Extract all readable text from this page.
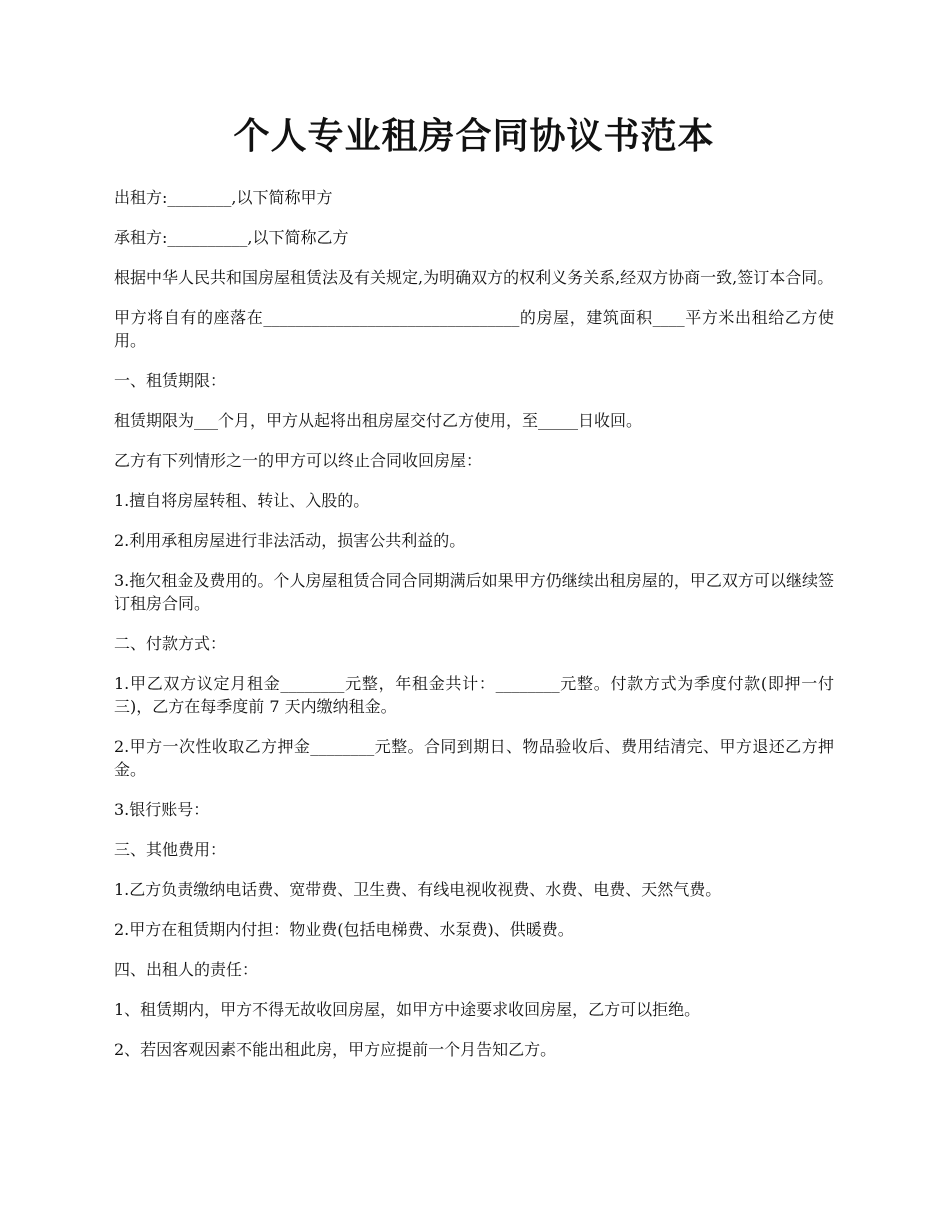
个人专业租房合同协议书范本

出租方:________,以下简称甲方

承租方:__________,以下简称乙方

根据中华人民共和国房屋租赁法及有关规定,为明确双方的权利义务关系,经双方协商一致,签订本合同。

甲方将自有的座落在________________________________的房屋，建筑面积____平方米出租给乙方使用。

一、租赁期限：

租赁期限为___个月，甲方从起将出租房屋交付乙方使用，至_____日收回。

乙方有下列情形之一的甲方可以终止合同收回房屋：

1.擅自将房屋转租、转让、入股的。

2.利用承租房屋进行非法活动，损害公共利益的。

3.拖欠租金及费用的。个人房屋租赁合同合同期满后如果甲方仍继续出租房屋的，甲乙双方可以继续签订租房合同。

二、付款方式：

1.甲乙双方议定月租金________元整，年租金共计：________元整。付款方式为季度付款(即押一付三)，乙方在每季度前 7 天内缴纳租金。

2.甲方一次性收取乙方押金________元整。合同到期日、物品验收后、费用结清完、甲方退还乙方押金。

3.银行账号：

三、其他费用：

1.乙方负责缴纳电话费、宽带费、卫生费、有线电视收视费、水费、电费、天然气费。

2.甲方在租赁期内付担：物业费(包括电梯费、水泵费)、供暖费。

四、出租人的责任：

1、租赁期内，甲方不得无故收回房屋，如甲方中途要求收回房屋，乙方可以拒绝。

2、若因客观因素不能出租此房，甲方应提前一个月告知乙方。
